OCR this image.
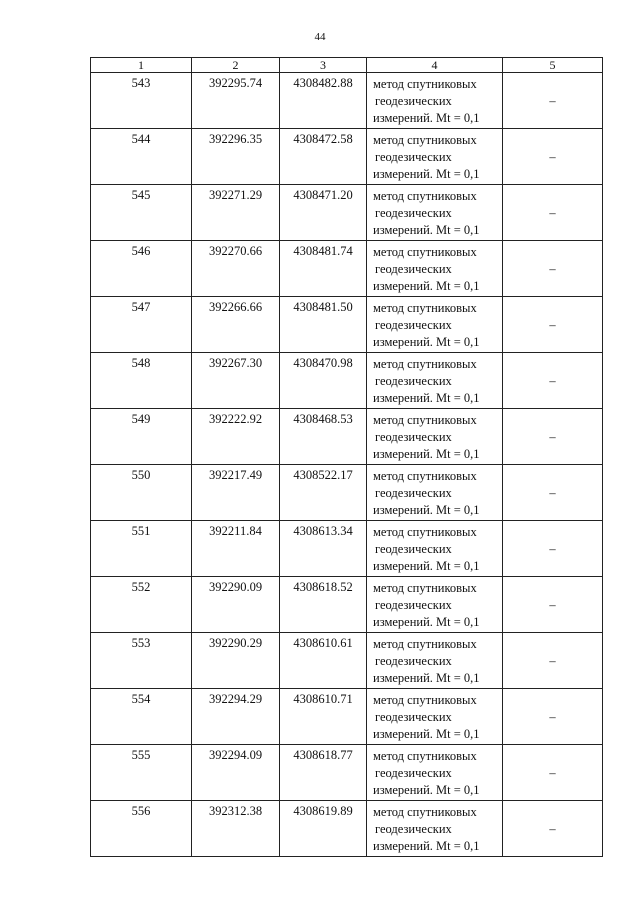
44
1	2	3	4	5
543	392295.74	4308482.88	метод спутниковых
геодезических
измерений. Mt = 0,1	–
544	392296.35	4308472.58	метод спутниковых
геодезических
измерений. Mt = 0,1	–
545	392271.29	4308471.20	метод спутниковых
геодезических
измерений. Mt = 0,1	–
546	392270.66	4308481.74	метод спутниковых
геодезических
измерений. Mt = 0,1	–
547	392266.66	4308481.50	метод спутниковых
геодезических
измерений. Mt = 0,1	–
548	392267.30	4308470.98	метод спутниковых
геодезических
измерений. Mt = 0,1	–
549	392222.92	4308468.53	метод спутниковых
геодезических
измерений. Mt = 0,1	–
550	392217.49	4308522.17	метод спутниковых
геодезических
измерений. Mt = 0,1	–
551	392211.84	4308613.34	метод спутниковых
геодезических
измерений. Mt = 0,1	–
552	392290.09	4308618.52	метод спутниковых
геодезических
измерений. Mt = 0,1	–
553	392290.29	4308610.61	метод спутниковых
геодезических
измерений. Mt = 0,1	–
554	392294.29	4308610.71	метод спутниковых
геодезических
измерений. Mt = 0,1	–
555	392294.09	4308618.77	метод спутниковых
геодезических
измерений. Mt = 0,1	–
556	392312.38	4308619.89	метод спутниковых
геодезических
измерений. Mt = 0,1	–
